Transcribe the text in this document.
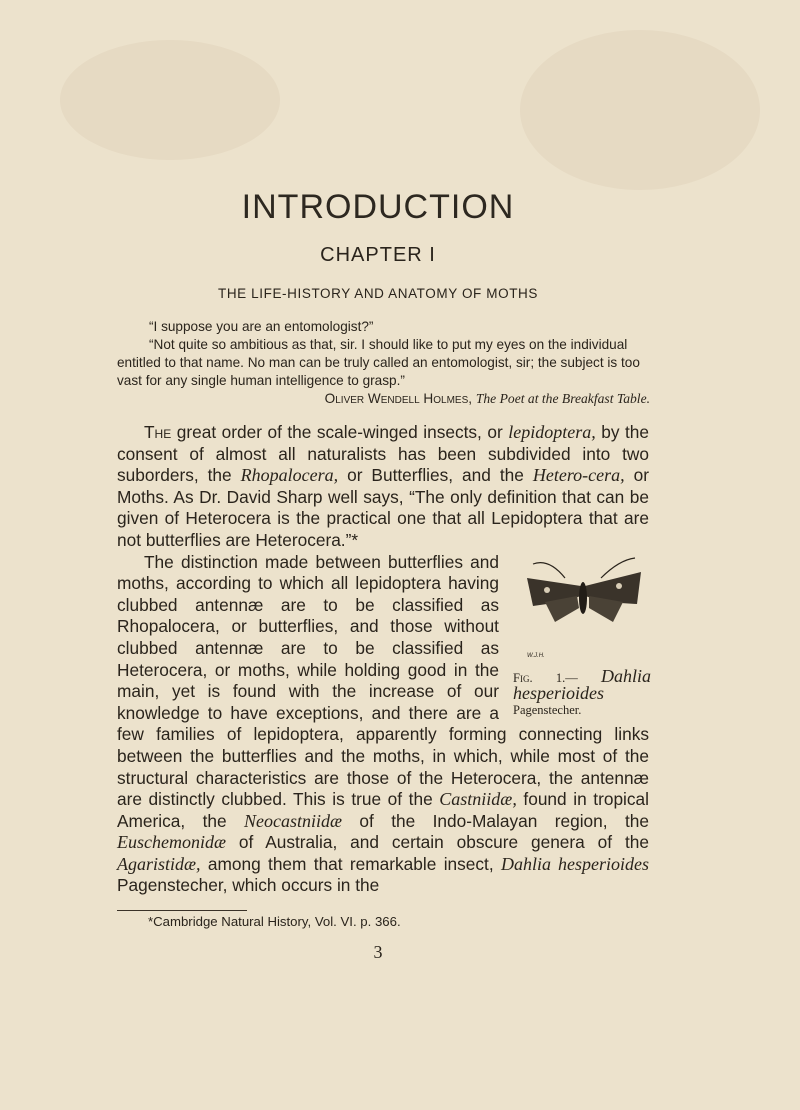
INTRODUCTION
CHAPTER I
THE LIFE-HISTORY AND ANATOMY OF MOTHS

“I suppose you are an entomologist?”

“Not quite so ambitious as that, sir. I should like to put my eyes on the individual entitled to that name. No man can be truly called an entomologist, sir; the subject is too vast for any single human intelligence to grasp.”

Oliver Wendell Holmes, The Poet at the Breakfast Table.

The great order of the scale-winged insects, or lepidoptera, by the consent of almost all naturalists has been subdivided into two suborders, the Rhopalocera, or Butterflies, and the Hetero-cera, or Moths. As Dr. David Sharp well says, “The only definition that can be given of Heterocera is the practical one that all Lepidoptera that are not butterflies are Heterocera.”*

W.J.H.
Fig. 1.— Dahlia hesperioides Pagenstecher.
The distinction made between butterflies and moths, according to which all lepidoptera having clubbed antennæ are to be classified as Rhopalocera, or butterflies, and those without clubbed antennæ are to be classified as Heterocera, or moths, while holding good in the main, yet is found with the increase of our knowledge to have exceptions, and there are a few families of lepidoptera, apparently forming connecting links between the butterflies and the moths, in which, while most of the structural characteristics are those of the Heterocera, the antennæ are distinctly clubbed. This is true of the Castniidæ, found in tropical America, the Neocastniidæ of the Indo-Malayan region, the Euschemonidæ of Australia, and certain obscure genera of the Agaristidæ, among them that remarkable insect, Dahlia hesperioides Pagenstecher, which occurs in the

*Cambridge Natural History, Vol. VI. p. 366.
3
